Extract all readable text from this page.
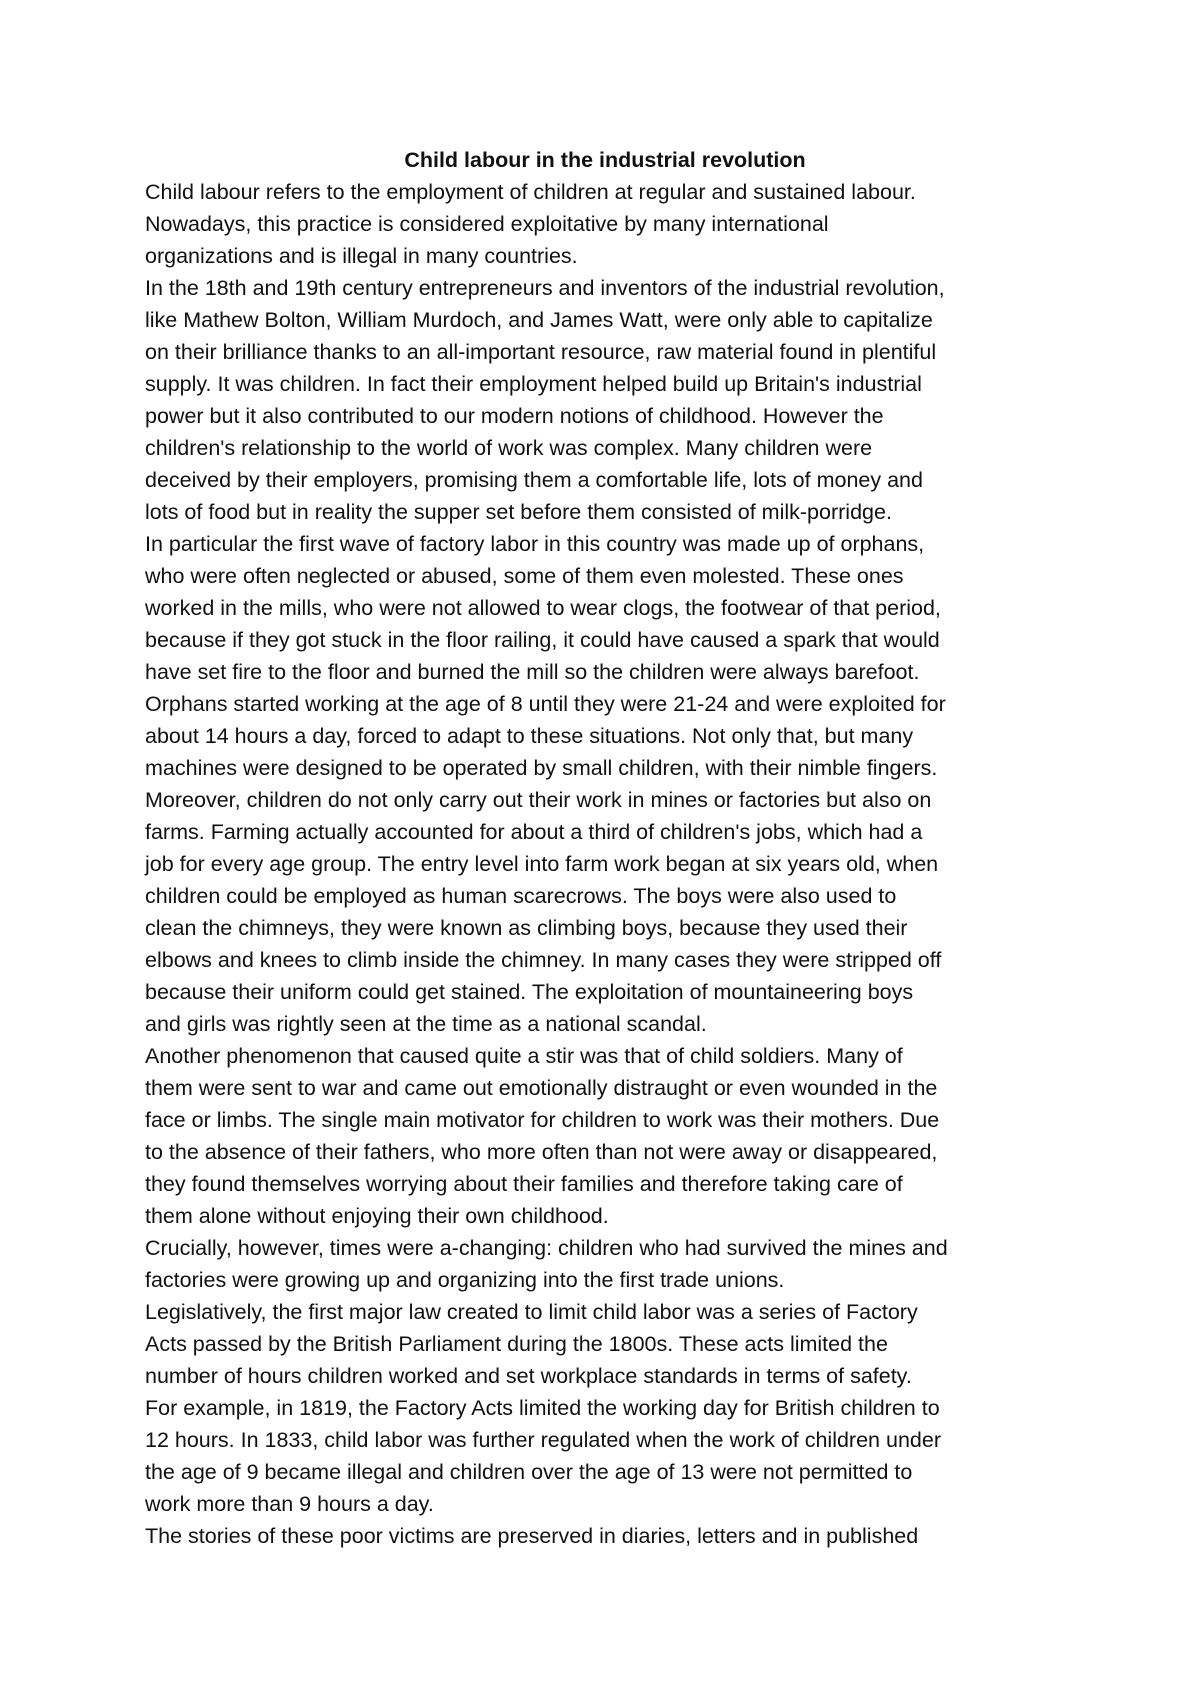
Child labour in the industrial revolution

Child labour refers to the employment of children at regular and sustained labour.
Nowadays, this practice is considered exploitative by many international
organizations and is illegal in many countries.

In the 18th and 19th century entrepreneurs and inventors of the industrial revolution,
like Mathew Bolton, William Murdoch, and James Watt, were only able to capitalize
on their brilliance thanks to an all-important resource, raw material found in plentiful
supply. It was children. In fact their employment helped build up Britain's industrial
power but it also contributed to our modern notions of childhood. However the
children's relationship to the world of work was complex. Many children were
deceived by their employers, promising them a comfortable life, lots of money and
lots of food but in reality the supper set before them consisted of milk-porridge.

In particular the first wave of factory labor in this country was made up of orphans,
who were often neglected or abused, some of them even molested. These ones
worked in the mills, who were not allowed to wear clogs, the footwear of that period,
because if they got stuck in the floor railing, it could have caused a spark that would
have set fire to the floor and burned the mill so the children were always barefoot.
Orphans started working at the age of 8 until they were 21-24 and were exploited for
about 14 hours a day, forced to adapt to these situations. Not only that, but many
machines were designed to be operated by small children, with their nimble fingers.
Moreover, children do not only carry out their work in mines or factories but also on
farms. Farming actually accounted for about a third of children's jobs, which had a
job for every age group. The entry level into farm work began at six years old, when
children could be employed as human scarecrows. The boys were also used to
clean the chimneys, they were known as climbing boys, because they used their
elbows and knees to climb inside the chimney. In many cases they were stripped off
because their uniform could get stained. The exploitation of mountaineering boys
and girls was rightly seen at the time as a national scandal.

Another phenomenon that caused quite a stir was that of child soldiers. Many of
them were sent to war and came out emotionally distraught or even wounded in the
face or limbs. The single main motivator for children to work was their mothers. Due
to the absence of their fathers, who more often than not were away or disappeared,
they found themselves worrying about their families and therefore taking care of
them alone without enjoying their own childhood.

Crucially, however, times were a-changing: children who had survived the mines and
factories were growing up and organizing into the first trade unions.

Legislatively, the first major law created to limit child labor was a series of Factory
Acts passed by the British Parliament during the 1800s. These acts limited the
number of hours children worked and set workplace standards in terms of safety.
For example, in 1819, the Factory Acts limited the working day for British children to
12 hours. In 1833, child labor was further regulated when the work of children under
the age of 9 became illegal and children over the age of 13 were not permitted to
work more than 9 hours a day.

The stories of these poor victims are preserved in diaries, letters and in published
